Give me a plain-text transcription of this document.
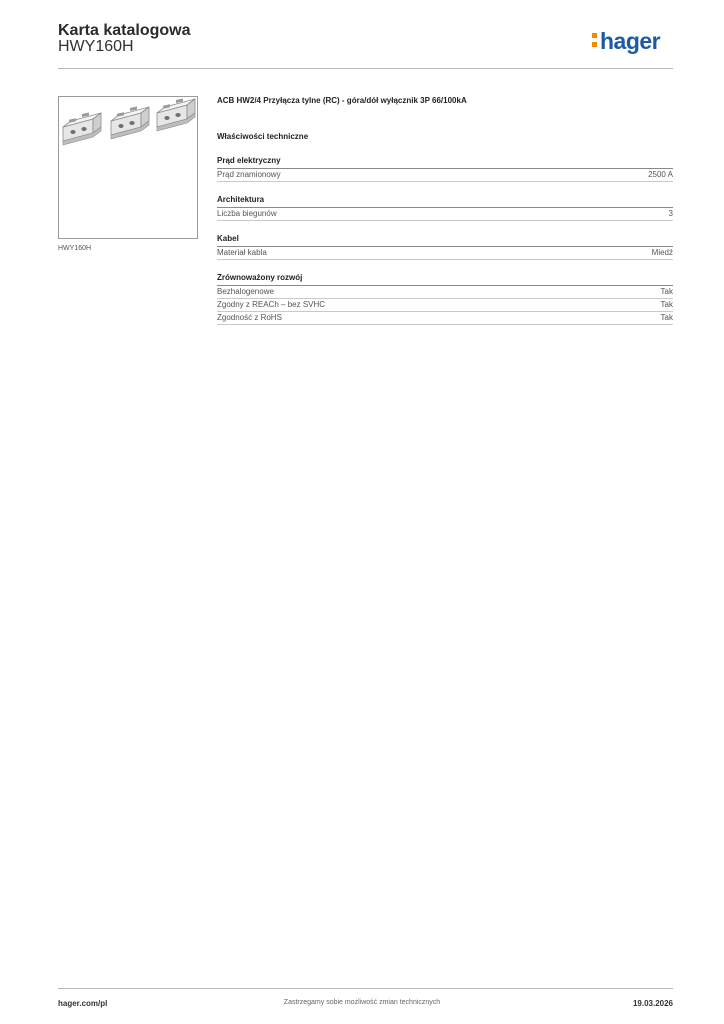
Karta katalogowa
HWY160H	hager
HWY160H
ACB HW2/4 Przyłącza tylne (RC) - góra/dół wyłącznik 3P 66/100kA
Właściwości techniczne
Prąd elektryczny
Prąd znamionowy	2500 A
Architektura
Liczba biegunów	3
Kabel
Materiał kabla	Miedź
Zrównoważony rozwój
Bezhalogenowe	Tak
Zgodny z REACh – bez SVHC	Tak
Zgodność z RoHS	Tak
Zastrzegamy sobie możliwość zmian technicznych
hager.com/pl	19.03.2026
